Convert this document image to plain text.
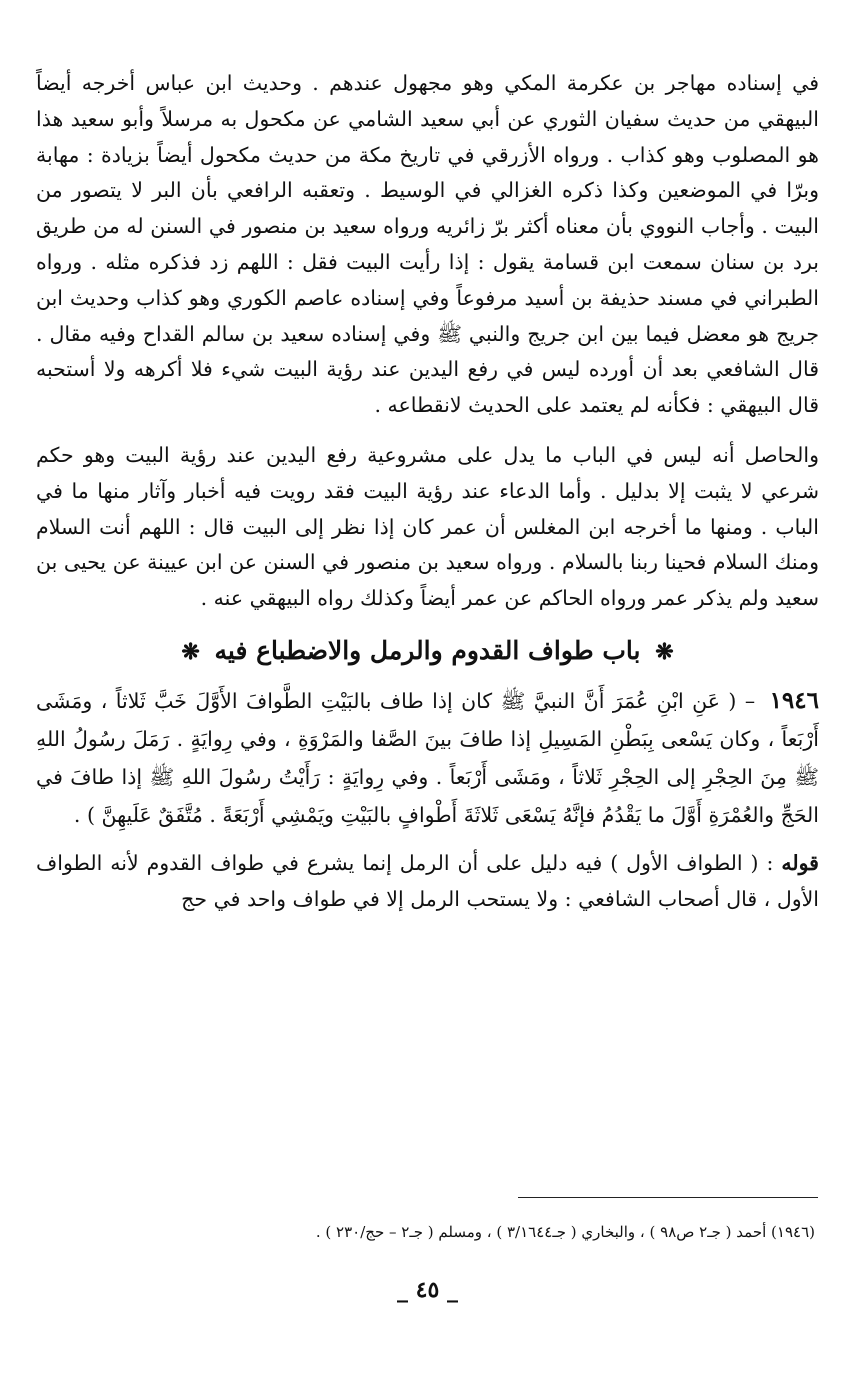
في إسناده مهاجر بن عكرمة المكي وهو مجهول عندهم . وحديث ابن عباس أخرجه أيضاً البيهقي من حديث سفيان الثوري عن أبي سعيد الشامي عن مكحول به مرسلاً وأبو سعيد هذا هو المصلوب وهو كذاب . ورواه الأزرقي في تاريخ مكة من حديث مكحول أيضاً بزيادة : مهابة وبرّا في الموضعين وكذا ذكره الغزالي في الوسيط . وتعقبه الرافعي بأن البر لا يتصور من البيت . وأجاب النووي بأن معناه أكثر برّ زائريه ورواه سعيد بن منصور في السنن له من طريق برد بن سنان سمعت ابن قسامة يقول : إذا رأيت البيت فقل : اللهم زد فذكره مثله . ورواه الطبراني في مسند حذيفة بن أسيد مرفوعاً وفي إسناده عاصم الكوري وهو كذاب وحديث ابن جريج هو معضل فيما بين ابن جريج والنبي ﷺ وفي إسناده سعيد بن سالم القداح وفيه مقال . قال الشافعي بعد أن أورده ليس في رفع اليدين عند رؤية البيت شيء فلا أكرهه ولا أستحبه قال البيهقي : فكأنه لم يعتمد على الحديث لانقطاعه .

والحاصل أنه ليس في الباب ما يدل على مشروعية رفع اليدين عند رؤية البيت وهو حكم شرعي لا يثبت إلا بدليل . وأما الدعاء عند رؤية البيت فقد رويت فيه أخبار وآثار منها ما في الباب . ومنها ما أخرجه ابن المغلس أن عمر كان إذا نظر إلى البيت قال : اللهم أنت السلام ومنك السلام فحينا ربنا بالسلام . ورواه سعيد بن منصور في السنن عن ابن عيينة عن يحيى بن سعيد ولم يذكر عمر ورواه الحاكم عن عمر أيضاً وكذلك رواه البيهقي عنه .

❋ باب طواف القدوم والرمل والاضطباع فيه ❋

١٩٤٦ – ( عَنِ ابْنِ عُمَرَ أَنَّ النبيَّ ﷺ كان إذا طاف بالبَيْتِ الطَّوافَ الأَوَّلَ خَبَّ ثَلاثاً ، ومَشَى أَرْبَعاً ، وكان يَسْعى بِبَطْنِ المَسِيلِ إذا طافَ بينَ الصَّفا والمَرْوَةِ ، وفي رِوايَةٍ . رَمَلَ رسُولُ اللهِ ﷺ مِنَ الحِجْرِ إلى الحِجْرِ ثَلاثاً ، ومَشَى أَرْبَعاً . وفي رِوايَةٍ : رَأَيْتُ رسُولَ اللهِ ﷺ إذا طافَ في الحَجِّ والعُمْرَةِ أَوَّلَ ما يَقْدُمُ فإنَّهُ يَسْعَى ثَلاثَةَ أَطْوافٍ بالبَيْتِ ويَمْشِي أَرْبَعَةً . مُتَّفَقٌ عَلَيهِنَّ ) .

قوله : ( الطواف الأول ) فيه دليل على أن الرمل إنما يشرع في طواف القدوم لأنه الطواف الأول ، قال أصحاب الشافعي : ولا يستحب الرمل إلا في طواف واحد في حج

(١٩٤٦) أحمد ( جـ٢ ص٩٨ ) ، والبخاري ( جـ٣/١٦٤٤ ) ، ومسلم ( جـ٢ – حج/٢٣٠ ) .
_ ٤٥ _
